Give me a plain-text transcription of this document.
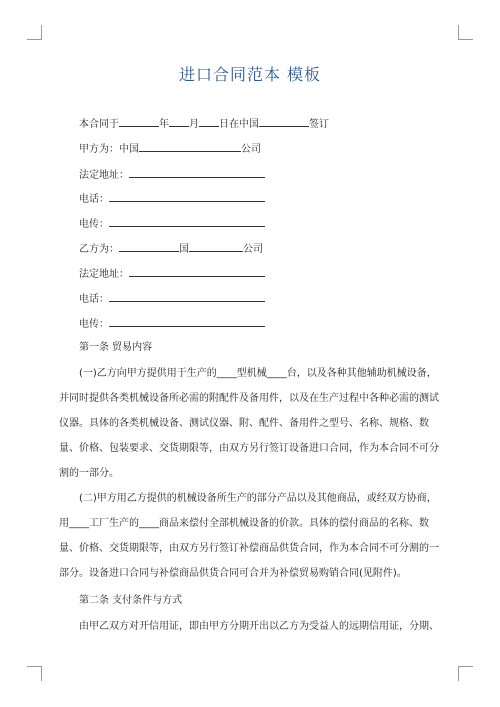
进口合同范本 模板
本合同于	年 月 日在中国	签订
甲方为：中国	公司
法定地址：
电话：
电传：
乙方为：	国	公司
法定地址：
电话：
电传：
第一条 贸易内容
(一)乙方向甲方提供用于生产的____型机械____台，以及各种其他辅助机械设备，并同时提供各类机械设备所必需的附配件及备用件，以及在生产过程中各种必需的测试仪器。具体的各类机械设备、测试仪器、附、配件、备用件之型号、名称、规格、数量、价格、包装要求、交货期限等，由双方另行签订设备进口合同，作为本合同不可分割的一部分。
(二)甲方用乙方提供的机械设备所生产的部分产品以及其他商品，或经双方协商，用____工厂生产的____商品来偿付全部机械设备的价款。具体的偿付商品的名称、数量、价格、交货期限等，由双方另行签订补偿商品供货合同，作为本合同不可分割的一部分。设备进口合同与补偿商品供货合同可合并为补偿贸易购销合同(见附件)。
第二条 支付条件与方式
由甲乙双方对开信用证，即由甲方分期开出以乙方为受益人的远期信用证，分期、
